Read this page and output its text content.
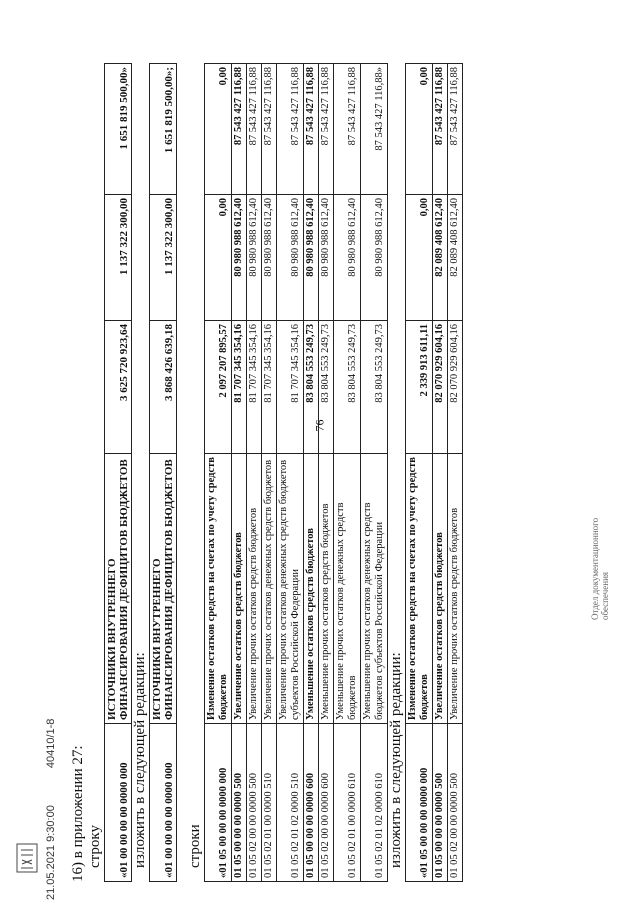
16) в приложении 27: строку «01 00 00 00 00 0000 000	ИСТОЧНИКИ ВНУТРЕННЕГО ФИНАНСИРОВАНИЯ ДЕФИЦИТОВ БЮДЖЕТОВ	3 625 720 923,64	1 137 322 300,00	1 651 819 500,00»

изложить в следующей редакции: «01 00 00 00 00 0000 000	ИСТОЧНИКИ ВНУТРЕННЕГО ФИНАНСИРОВАНИЯ ДЕФИЦИТОВ БЮДЖЕТОВ	3 868 426 639,18	1 137 322 300,00	1 651 819 500,00»;

строки «01 05 00 00 00 0000 000	Изменение остатков средств на счетах по учету средств бюджетов	2 097 207 895,57	0,00	0,00
01 05 00 00 00 0000 500	Увеличение остатков средств бюджетов	81 707 345 354,16	80 980 988 612,40	87 543 427 116,88
01 05 02 00 00 0000 500	Увеличение прочих остатков средств бюджетов	81 707 345 354,16	80 980 988 612,40	87 543 427 116,88
01 05 02 01 00 0000 510	Увеличение прочих остатков денежных средств бюджетов	81 707 345 354,16	80 980 988 612,40	87 543 427 116,88
01 05 02 01 02 0000 510	Увеличение прочих остатков денежных средств бюджетов субъектов Российской Федерации	81 707 345 354,16	80 980 988 612,40	87 543 427 116,88
01 05 00 00 00 0000 600	Уменьшение остатков средств бюджетов	83 804 553 249,73	80 980 988 612,40	87 543 427 116,88
01 05 02 00 00 0000 600	Уменьшение прочих остатков средств бюджетов	83 804 553 249,73	80 980 988 612,40	87 543 427 116,88
01 05 02 01 00 0000 610	Уменьшение прочих остатков денежных средств бюджетов	83 804 553 249,73	80 980 988 612,40	87 543 427 116,88
01 05 02 01 02 0000 610	Уменьшение прочих остатков денежных средств бюджетов субъектов Российской Федерации	83 804 553 249,73	80 980 988 612,40	87 543 427 116,88»

изложить в следующей редакции: «01 05 00 00 00 0000 000	Изменение остатков средств на счетах по учету средств бюджетов	2 339 913 611,11	0,00	0,00
01 05 00 00 00 0000 500	Увеличение остатков средств бюджетов	82 070 929 604,16	82 089 408 612,40	87 543 427 116,88
01 05 02 00 00 0000 500	Увеличение прочих остатков средств бюджетов	82 070 929 604,16	82 089 408 612,40	87 543 427 116,88
76
21.05.2021 9:30:00 40410/1-8
Отдел документационного
обеспечения
